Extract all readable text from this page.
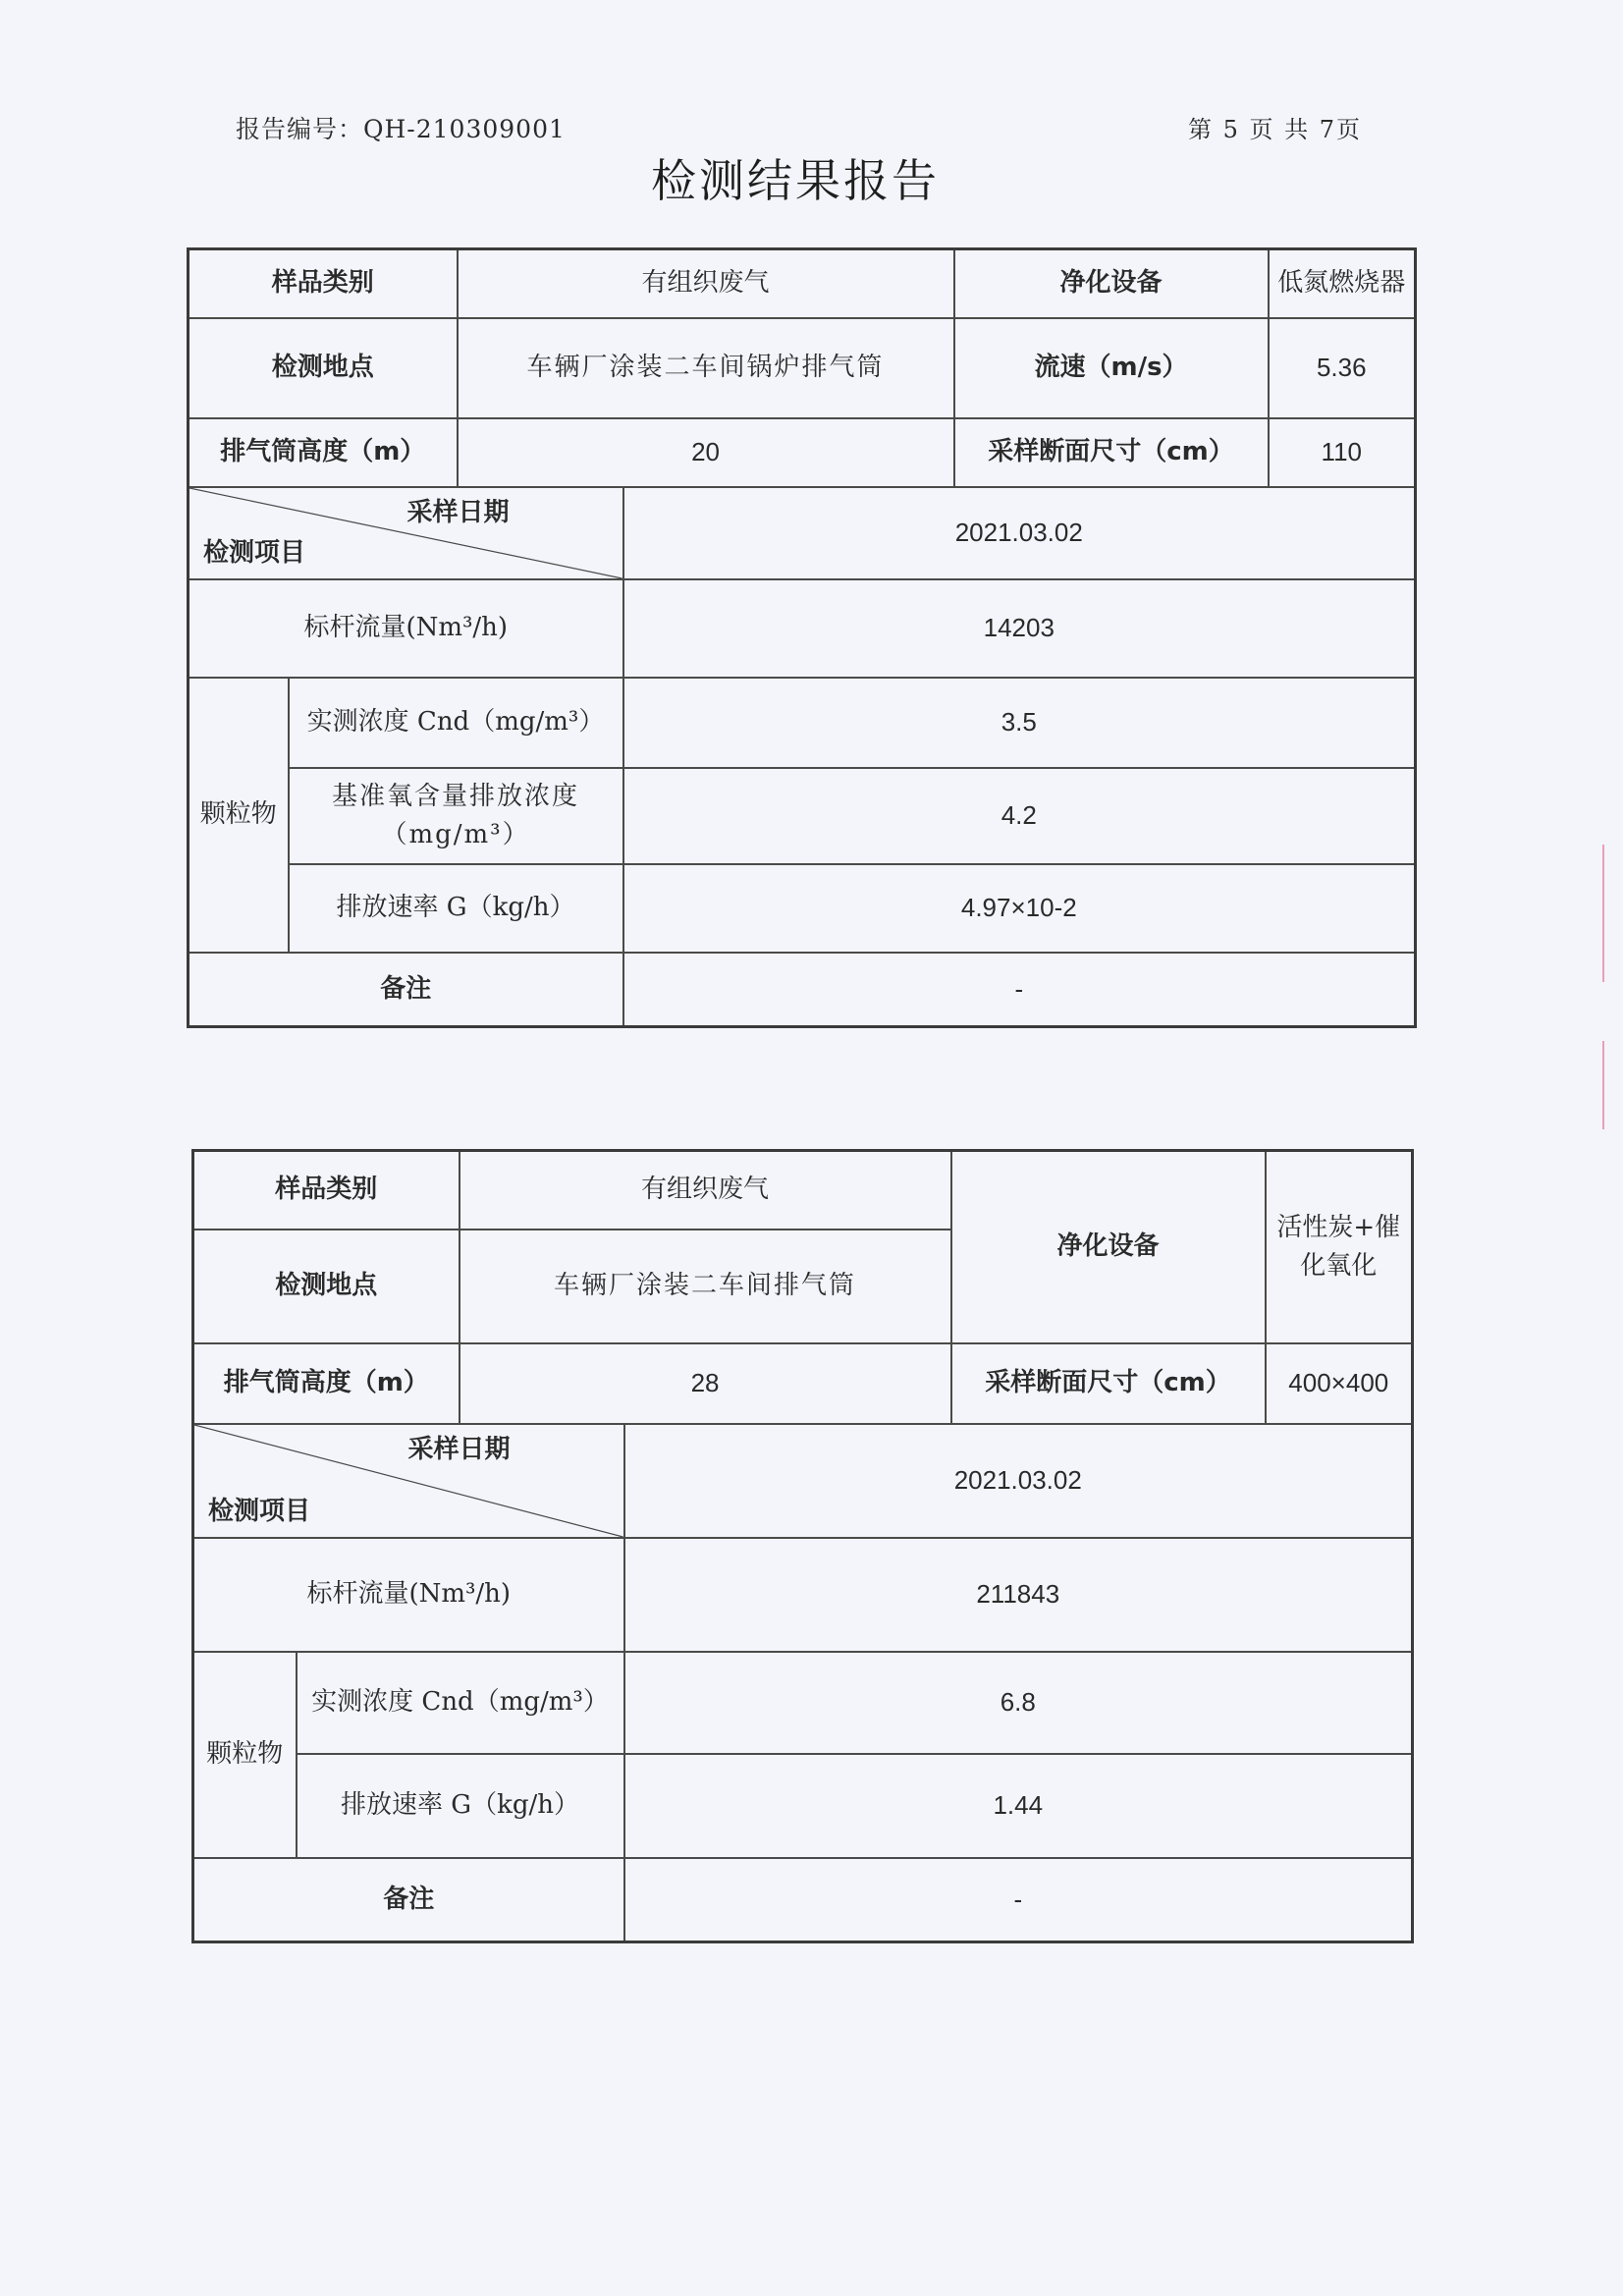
报告编号：QH-210309001	第 5 页 共 7页
检测结果报告
样品类别		有组织废气		净化设备	低氮燃烧器
检测地点		车辆厂涂装二车间锅炉排气筒		流速（m/s）	5.36
排气筒高度（m）		20		采样断面尺寸（cm）	110

采样日期
检测项目			2021.03.02		
标杆流量(Nm³/h)			14203		
颗粒物	实测浓度 Cnd（mg/m³）		3.5		
	基准氧含量排放浓度（mg/m³）		4.2		
	排放速率 G（kg/h）		4.97×10-2		
备注			-		
样品类别		有组织废气		净化设备	活性炭+催化氧化
检测地点		车辆厂涂装二车间排气筒			
排气筒高度（m）		28		采样断面尺寸（cm）	400×400

采样日期
检测项目			2021.03.02		
标杆流量(Nm³/h)			211843		
颗粒物	实测浓度 Cnd（mg/m³）		6.8		
	排放速率 G（kg/h）		1.44		
备注			-		
